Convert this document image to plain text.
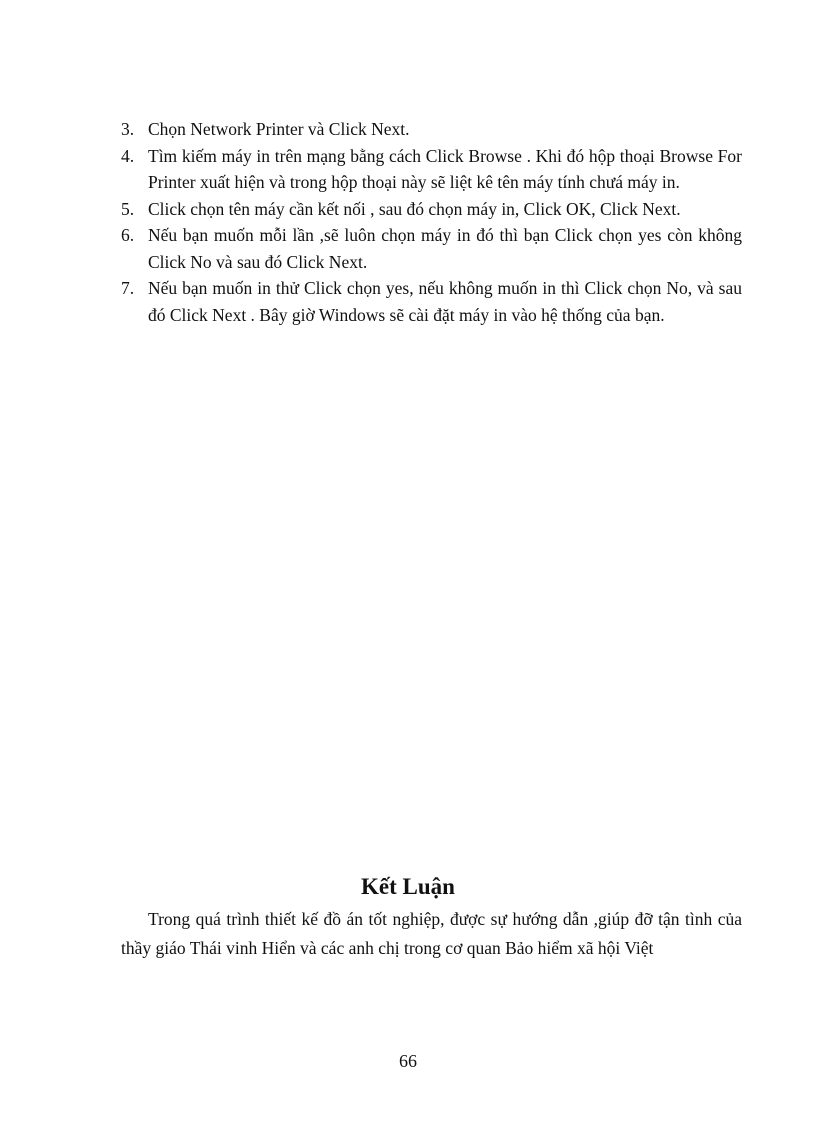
3. Chọn Network Printer và Click Next.
4. Tìm kiếm máy in trên mạng bằng cách Click Browse . Khi đó hộp thoại Browse For Printer xuất hiện và trong hộp thoại này sẽ liệt kê tên máy tính chưá máy in.
5. Click chọn tên máy cần kết nối , sau đó chọn máy in, Click OK, Click Next.
6. Nếu bạn muốn mỗi lần ,sẽ luôn chọn máy in đó thì bạn Click chọn yes còn không Click No và sau đó Click Next.
7. Nếu bạn muốn in thử Click chọn yes, nếu không muốn in thì Click chọn No, và sau đó Click Next . Bây giờ Windows sẽ cài đặt máy in vào hệ thống của bạn.
Kết Luận

Trong quá trình thiết kế đồ án tốt nghiệp, được sự hướng dẫn ,giúp đỡ tận tình của thầy giáo Thái vinh Hiển và các anh chị trong cơ quan Bảo hiểm xã hội Việt

66
